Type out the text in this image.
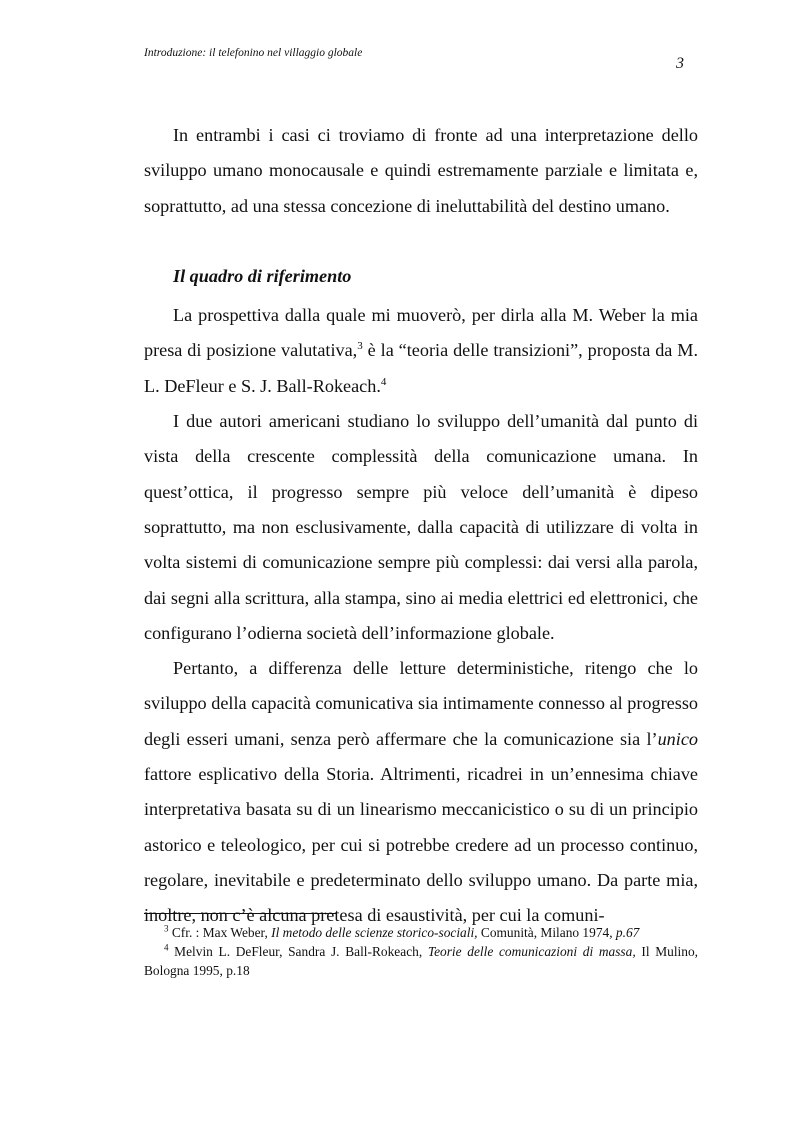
Introduzione: il telefonino nel villaggio globale
3

In entrambi i casi ci troviamo di fronte ad una interpretazione dello sviluppo umano monocausale e quindi estremamente parziale e limitata e, soprattutto, ad una stessa concezione di ineluttabilità del destino umano.

Il quadro di riferimento

La prospettiva dalla quale mi muoverò, per dirla alla M. Weber la mia presa di posizione valutativa,$^3$ è la “teoria delle transizioni”, proposta da M. L. DeFleur e S. J. Ball-Rokeach.$^4$

I due autori americani studiano lo sviluppo dell’umanità dal punto di vista della crescente complessità della comunicazione umana. In quest’ottica, il progresso sempre più veloce dell’umanità è dipeso soprattutto, ma non esclusivamente, dalla capacità di utilizzare di volta in volta sistemi di comunicazione sempre più complessi: dai versi alla parola, dai segni alla scrittura, alla stampa, sino ai media elettrici ed elettronici, che configurano l’odierna società dell’informazione globale.

Pertanto, a differenza delle letture deterministiche, ritengo che lo sviluppo della capacità comunicativa sia intimamente connesso al progresso degli esseri umani, senza però affermare che la comunicazione sia l’unico fattore esplicativo della Storia. Altrimenti, ricadrei in un’ennesima chiave interpretativa basata su di un linearismo meccanicistico o su di un principio astorico e teleologico, per cui si potrebbe credere ad un processo continuo, regolare, inevitabile e predeterminato dello sviluppo umano. Da parte mia, inoltre, non c’è alcuna pretesa di esaustività, per cui la comuni-

$^3$ Cfr. : Max Weber, Il metodo delle scienze storico-sociali, Comunità, Milano 1974, p.67

$^4$ Melvin L. DeFleur, Sandra J. Ball-Rokeach, Teorie delle comunicazioni di massa, Il Mulino, Bologna 1995, p.18
